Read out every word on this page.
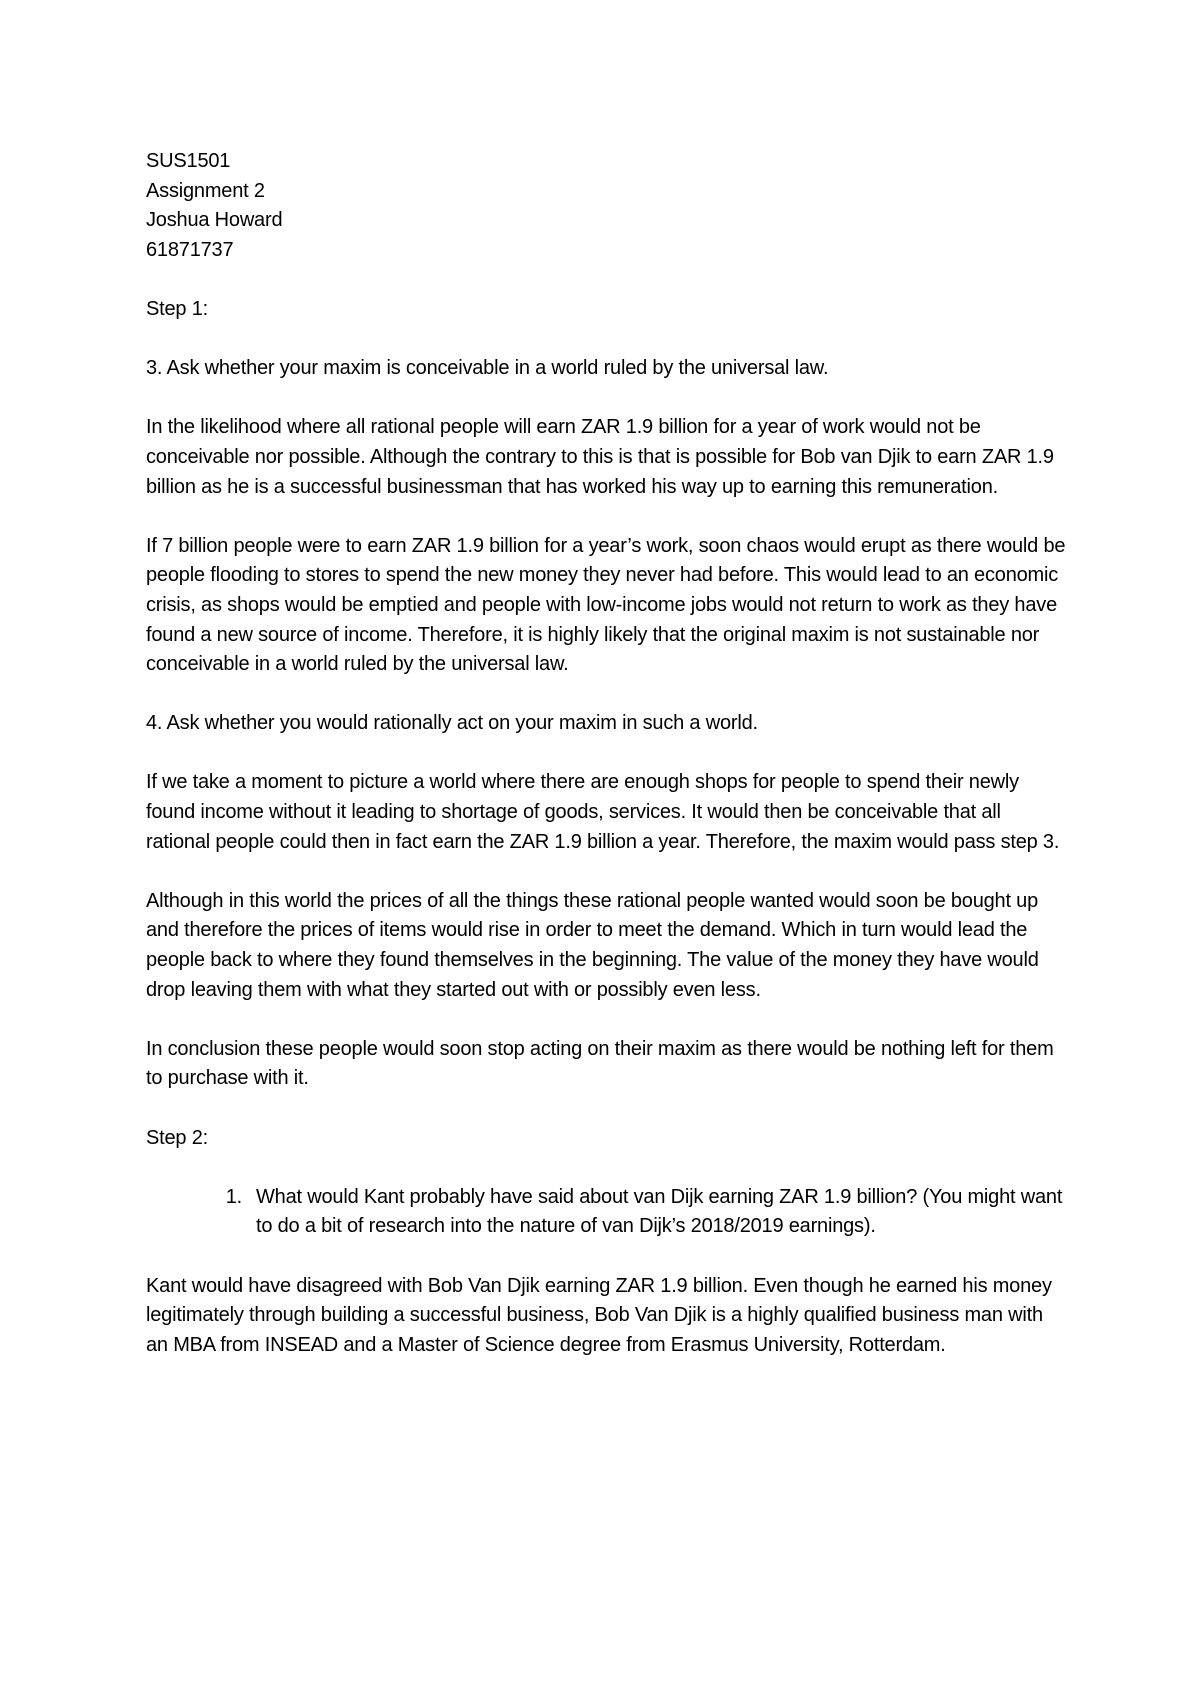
SUS1501
Assignment 2
Joshua Howard
61871737

Step 1:

3. Ask whether your maxim is conceivable in a world ruled by the universal law.

In the likelihood where all rational people will earn ZAR 1.9 billion for a year of work would not be conceivable nor possible. Although the contrary to this is that is possible for Bob van Djik to earn ZAR 1.9 billion as he is a successful businessman that has worked his way up to earning this remuneration.

If 7 billion people were to earn ZAR 1.9 billion for a year’s work, soon chaos would erupt as there would be people flooding to stores to spend the new money they never had before. This would lead to an economic crisis, as shops would be emptied and people with low-income jobs would not return to work as they have found a new source of income. Therefore, it is highly likely that the original maxim is not sustainable nor conceivable in a world ruled by the universal law.

4. Ask whether you would rationally act on your maxim in such a world.

If we take a moment to picture a world where there are enough shops for people to spend their newly found income without it leading to shortage of goods, services. It would then be conceivable that all rational people could then in fact earn the ZAR 1.9 billion a year. Therefore, the maxim would pass step 3.

Although in this world the prices of all the things these rational people wanted would soon be bought up and therefore the prices of items would rise in order to meet the demand. Which in turn would lead the people back to where they found themselves in the beginning. The value of the money they have would drop leaving them with what they started out with or possibly even less.

In conclusion these people would soon stop acting on their maxim as there would be nothing left for them to purchase with it.

Step 2:

1. What would Kant probably have said about van Dijk earning ZAR 1.9 billion? (You might want to do a bit of research into the nature of van Dijk’s 2018/2019 earnings).

Kant would have disagreed with Bob Van Djik earning ZAR 1.9 billion. Even though he earned his money legitimately through building a successful business, Bob Van Djik is a highly qualified business man with an MBA from INSEAD and a Master of Science degree from Erasmus University, Rotterdam.
